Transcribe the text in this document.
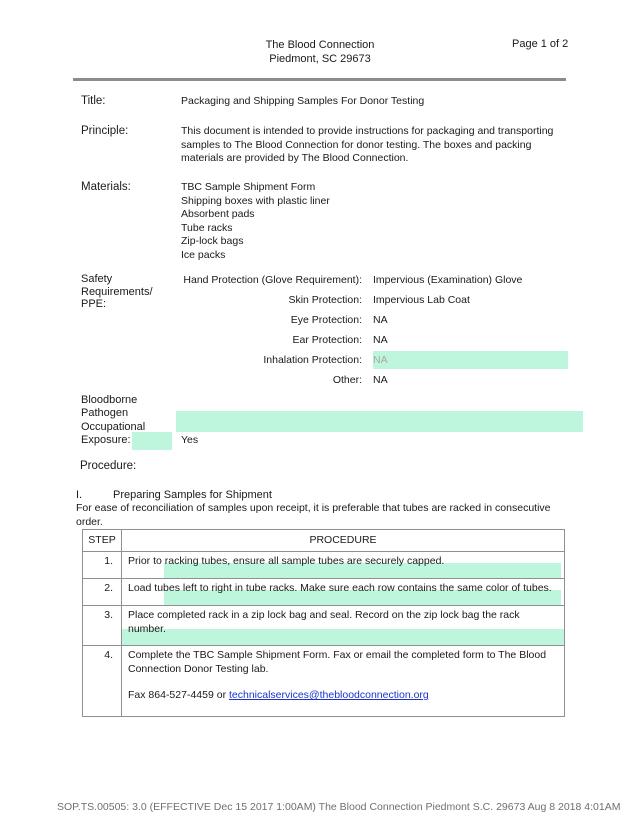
The Blood Connection
Piedmont, SC 29673
Page 1 of 2
Title:	Packaging and Shipping Samples For Donor Testing
Principle:	This document is intended to provide instructions for packaging and transporting
samples to The Blood Connection for donor testing. The boxes and packing
materials are provided by The Blood Connection.
Materials:	TBC Sample Shipment Form
Shipping boxes with plastic liner
Absorbent pads
Tube racks
Zip-lock bags
Ice packs
Safety
Requirements/
PPE:
Hand Protection (Glove Requirement): Impervious (Examination) Glove
Skin Protection: Impervious Lab Coat
Eye Protection: NA
Ear Protection: NA
Inhalation Protection: NA
Other: NA
Bloodborne
Pathogen
Occupational
Exposure:	Yes
Procedure:
I.	Preparing Samples for Shipment
For ease of reconciliation of samples upon receipt, it is preferable that tubes are racked in consecutive
order.
STEP	PROCEDURE
1.	Prior to racking tubes, ensure all sample tubes are securely capped.
2.	Load tubes left to right in tube racks. Make sure each row contains the same color of tubes.
3.	Place completed rack in a zip lock bag and seal. Record on the zip lock bag the rack number.

4.	Complete the TBC Sample Shipment Form. Fax or email the completed form to The Blood Connection Donor Testing lab.
Fax 864-527-4459 or technicalservices@thebloodconnection.org
SOP.TS.00505: 3.0 (EFFECTIVE Dec 15 2017 1:00AM) The Blood Connection Piedmont S.C. 29673 Aug 8 2018 4:01AM
